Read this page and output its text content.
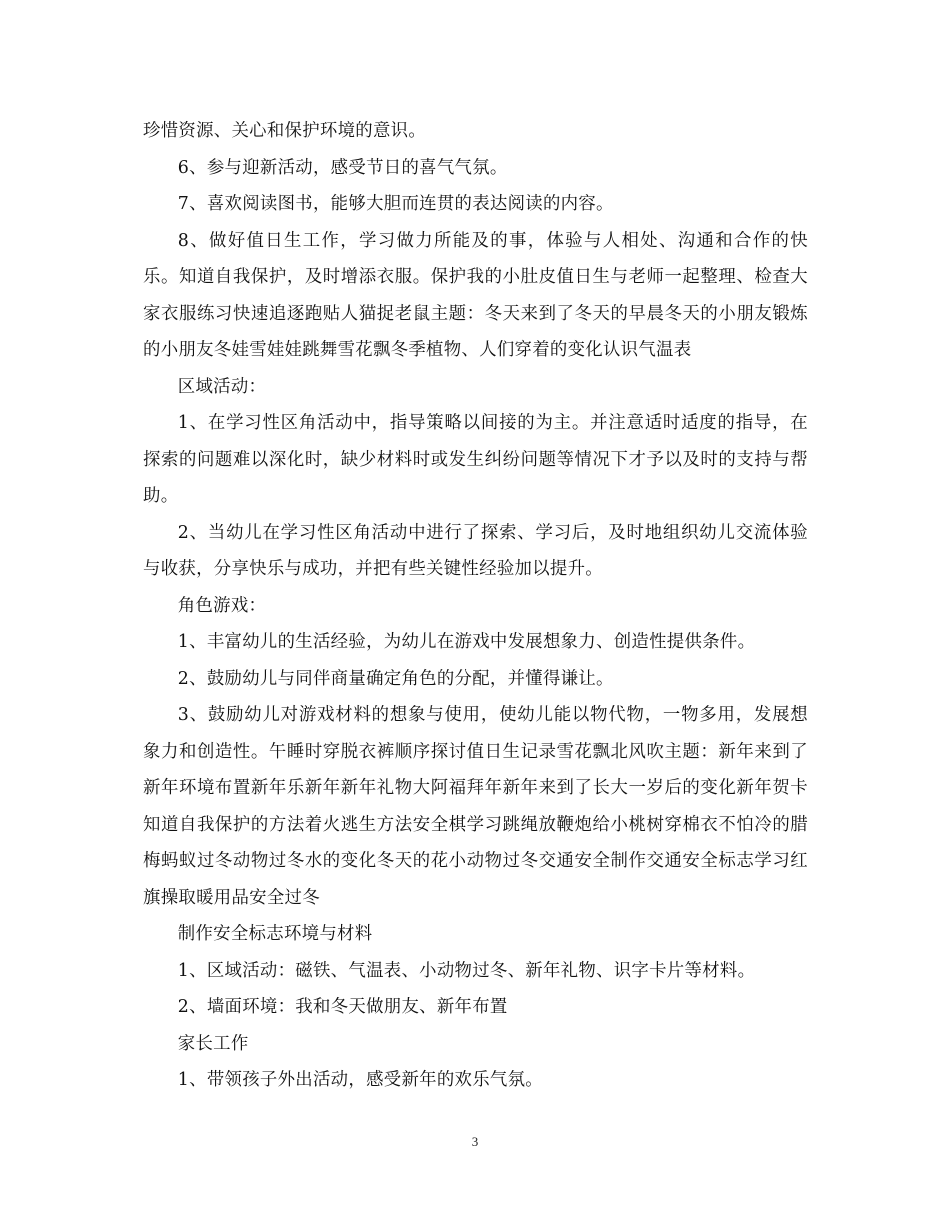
珍惜资源、关心和保护环境的意识。

6、参与迎新活动，感受节日的喜气气氛。

7、喜欢阅读图书，能够大胆而连贯的表达阅读的内容。

8、做好值日生工作，学习做力所能及的事，体验与人相处、沟通和合作的快乐。知道自我保护，及时增添衣服。保护我的小肚皮值日生与老师一起整理、检查大家衣服练习快速追逐跑贴人猫捉老鼠主题：冬天来到了冬天的早晨冬天的小朋友锻炼的小朋友冬娃雪娃娃跳舞雪花飘冬季植物、人们穿着的变化认识气温表

区域活动：

1、在学习性区角活动中，指导策略以间接的为主。并注意适时适度的指导，在探索的问题难以深化时，缺少材料时或发生纠纷问题等情况下才予以及时的支持与帮助。

2、当幼儿在学习性区角活动中进行了探索、学习后，及时地组织幼儿交流体验与收获，分享快乐与成功，并把有些关键性经验加以提升。

角色游戏：

1、丰富幼儿的生活经验，为幼儿在游戏中发展想象力、创造性提供条件。

2、鼓励幼儿与同伴商量确定角色的分配，并懂得谦让。

3、鼓励幼儿对游戏材料的想象与使用，使幼儿能以物代物，一物多用，发展想象力和创造性。午睡时穿脱衣裤顺序探讨值日生记录雪花飘北风吹主题：新年来到了新年环境布置新年乐新年新年礼物大阿福拜年新年来到了长大一岁后的变化新年贺卡知道自我保护的方法着火逃生方法安全棋学习跳绳放鞭炮给小桃树穿棉衣不怕冷的腊梅蚂蚁过冬动物过冬水的变化冬天的花小动物过冬交通安全制作交通安全标志学习红旗操取暖用品安全过冬

制作安全标志环境与材料

1、区域活动：磁铁、气温表、小动物过冬、新年礼物、识字卡片等材料。

2、墙面环境：我和冬天做朋友、新年布置

家长工作

1、带领孩子外出活动，感受新年的欢乐气氛。

3
